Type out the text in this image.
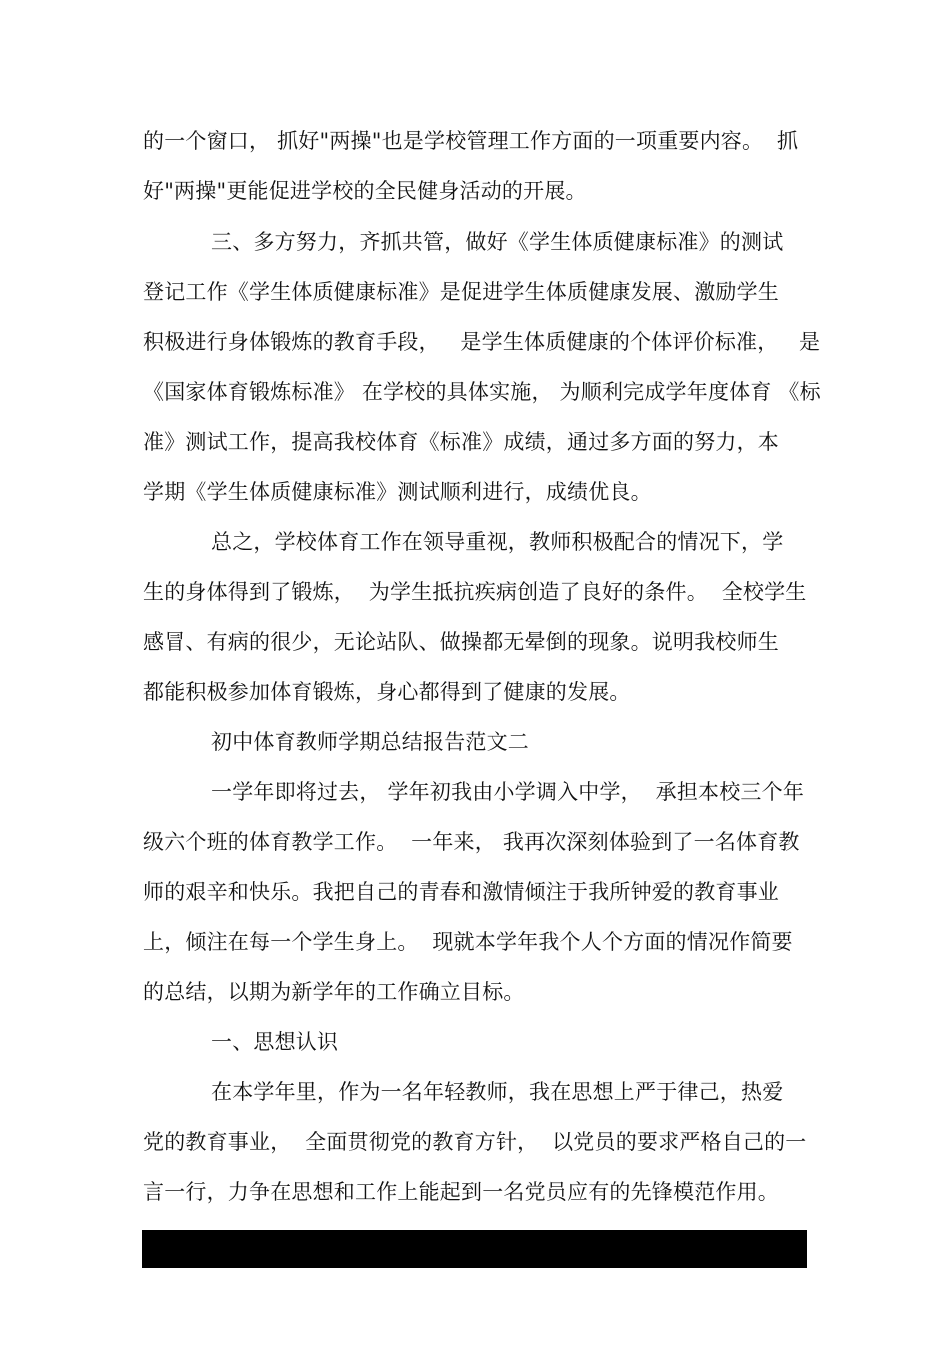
的一个窗口， 抓好"两操"也是学校管理工作方面的一项重要内容。  抓
好"两操"更能促进学校的全民健身活动的开展。
三、多方努力，齐抓共管，做好《学生体质健康标准》的测试
登记工作《学生体质健康标准》是促进学生体质健康发展、激励学生
积极进行身体锻炼的教育手段，   是学生体质健康的个体评价标准，   是
《国家体育锻炼标准》 在学校的具体实施， 为顺利完成学年度体育 《标
准》测试工作，提高我校体育《标准》成绩，通过多方面的努力，本
学期《学生体质健康标准》测试顺利进行，成绩优良。
总之，学校体育工作在领导重视，教师积极配合的情况下，学
生的身体得到了锻炼，  为学生抵抗疾病创造了良好的条件。  全校学生
感冒、有病的很少，无论站队、做操都无晕倒的现象。说明我校师生
都能积极参加体育锻炼，身心都得到了健康的发展。
初中体育教师学期总结报告范文二
一学年即将过去， 学年初我由小学调入中学，  承担本校三个年
级六个班的体育教学工作。  一年来， 我再次深刻体验到了一名体育教
师的艰辛和快乐。我把自己的青春和激情倾注于我所钟爱的教育事业
上，倾注在每一个学生身上。  现就本学年我个人个方面的情况作简要
的总结，以期为新学年的工作确立目标。
一、思想认识
在本学年里，作为一名年轻教师，我在思想上严于律己，热爱
党的教育事业，  全面贯彻党的教育方针，  以党员的要求严格自己的一
言一行，力争在思想和工作上能起到一名党员应有的先锋模范作用。
